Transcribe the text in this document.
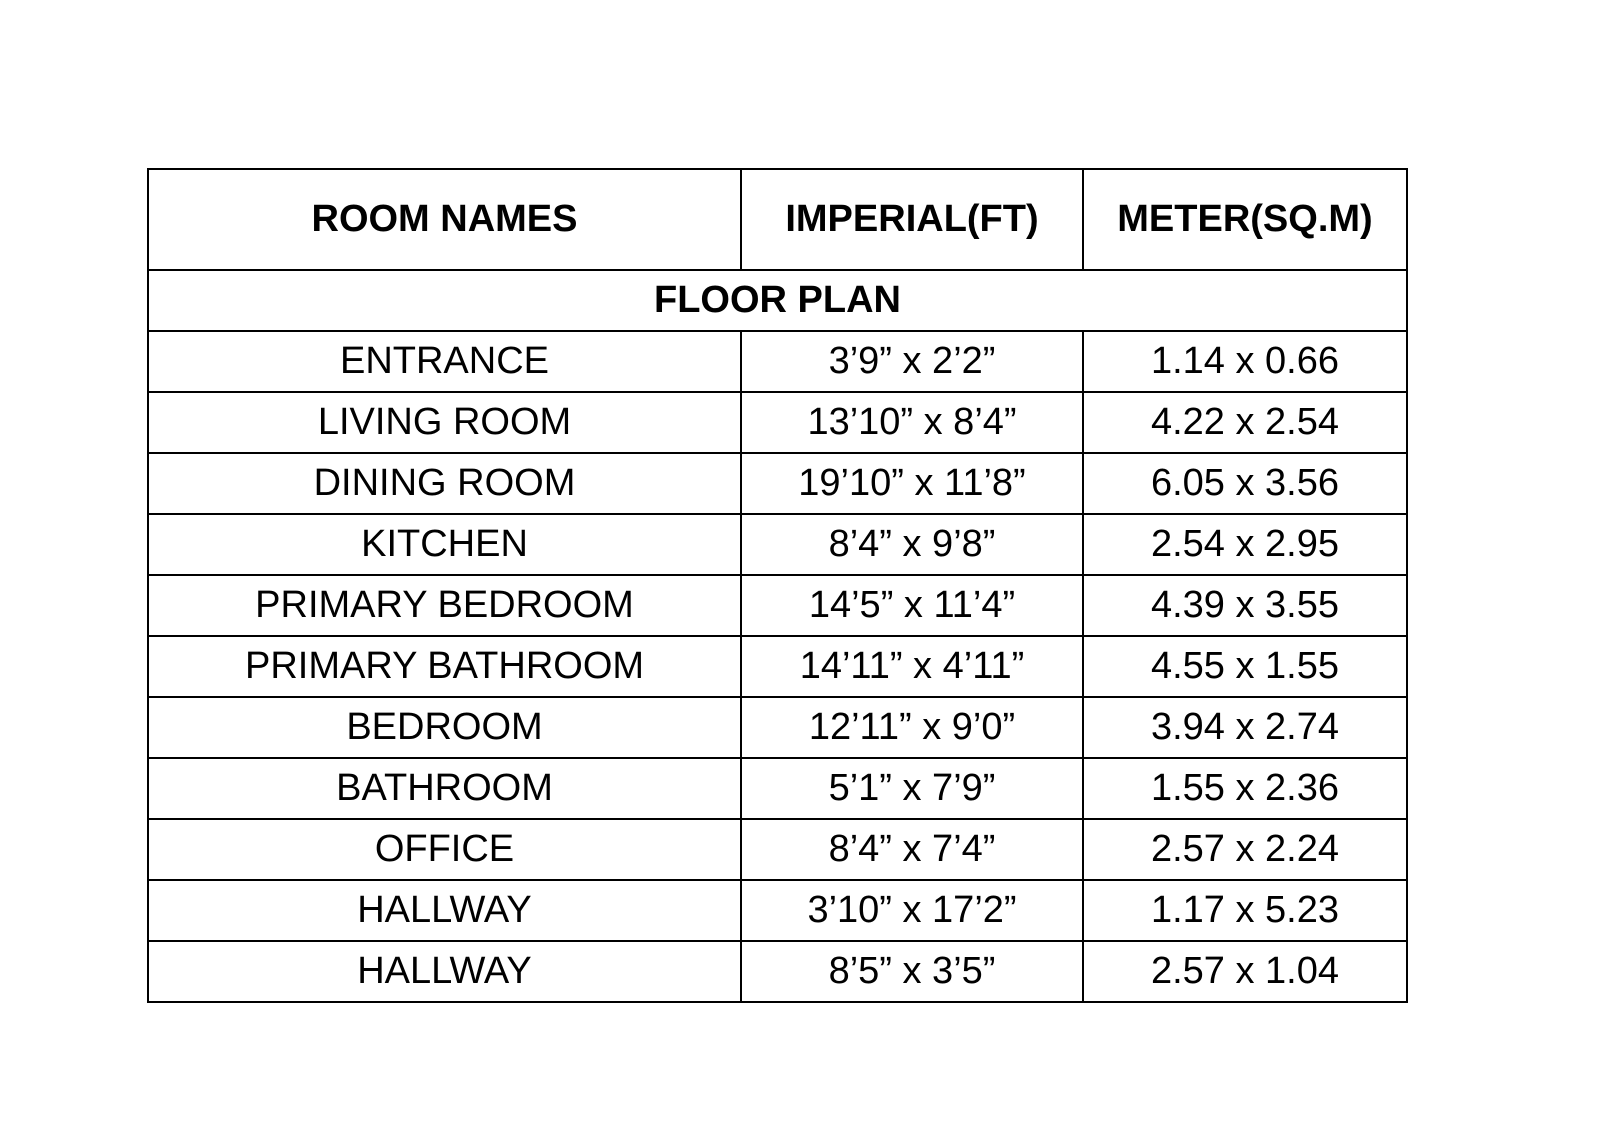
ROOM NAMES	IMPERIAL(FT)	METER(SQ.M)
FLOOR PLAN		
ENTRANCE	3’9” x 2’2”	1.14 x 0.66
LIVING ROOM	13’10” x 8’4”	4.22 x 2.54
DINING ROOM	19’10” x 11’8”	6.05 x 3.56
KITCHEN	8’4” x 9’8”	2.54 x 2.95
PRIMARY BEDROOM	14’5” x 11’4”	4.39 x 3.55
PRIMARY BATHROOM	14’11” x 4’11”	4.55 x 1.55
BEDROOM	12’11” x 9’0”	3.94 x 2.74
BATHROOM	5’1” x 7’9”	1.55 x 2.36
OFFICE	8’4” x 7’4”	2.57 x 2.24
HALLWAY	3’10” x 17’2”	1.17 x 5.23
HALLWAY	8’5” x 3’5”	2.57 x 1.04
